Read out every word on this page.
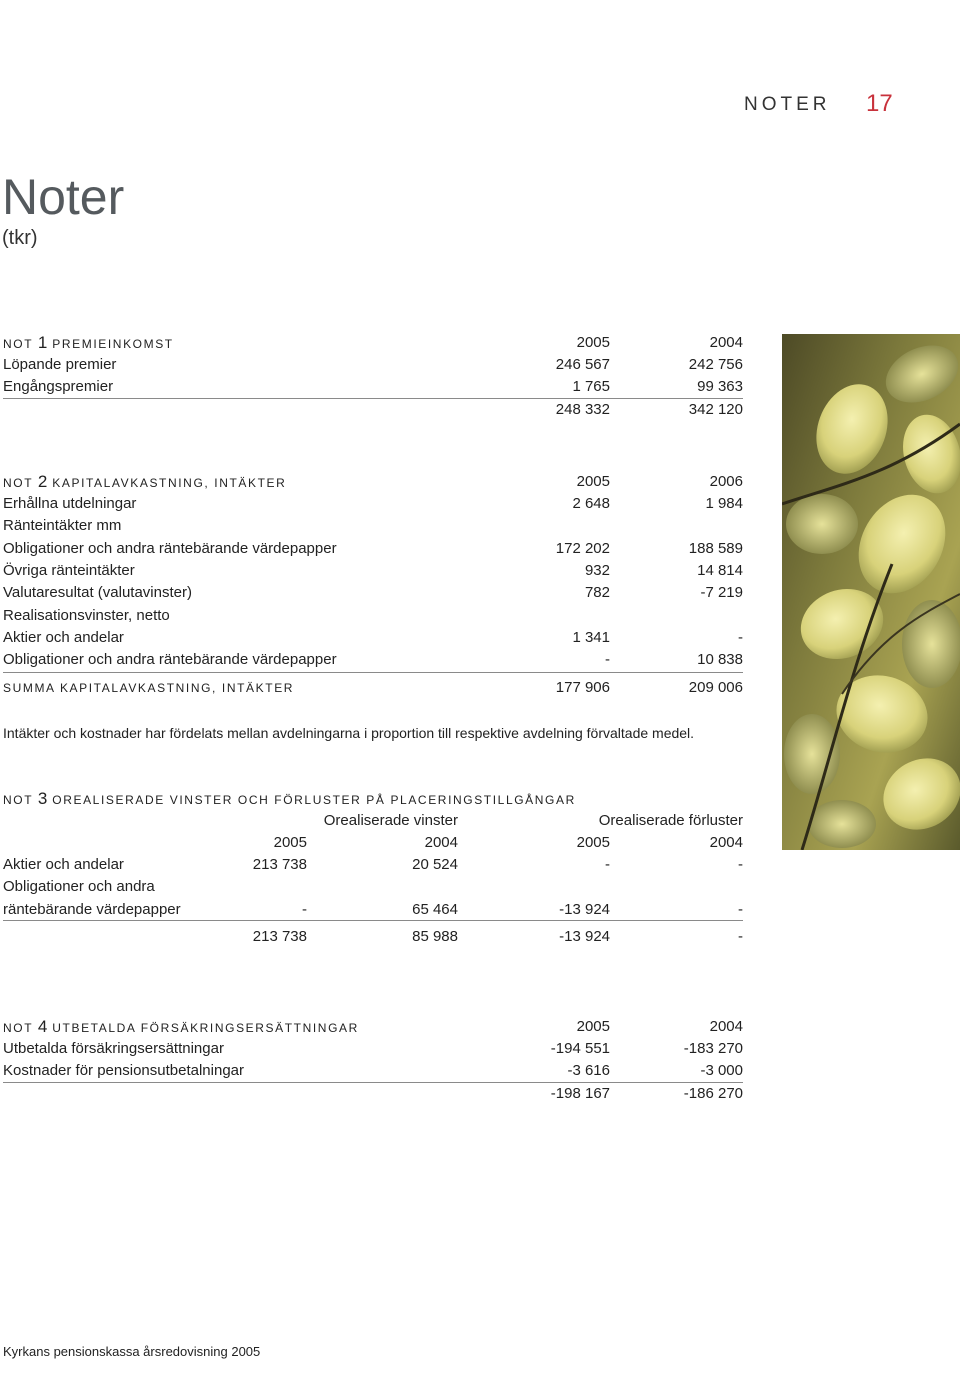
NOTER 17
Noter
(tkr)
NOT 1 PREMIEINKOMST	2005	2004
Löpande premier	246 567	242 756
Engångspremier	1 765	99 363
248 332	342 120
NOT 2 KAPITALAVKASTNING, INTÄKTER	2005	2006
Erhållna utdelningar	2 648	1 984
Ränteintäkter mm
Obligationer och andra räntebärande värdepapper	172 202	188 589
Övriga ränteintäkter	932	14 814
Valutaresultat (valutavinster)	782	-7 219
Realisationsvinster, netto
Aktier och andelar	1 341	-
Obligationer och andra räntebärande värdepapper	-	10 838
SUMMA KAPITALAVKASTNING, INTÄKTER	177 906	209 006
Intäkter och kostnader har fördelats mellan avdelningarna i proportion till respektive avdelning förvaltade medel.
NOT 3 OREALISERADE VINSTER OCH FÖRLUSTER PÅ PLACERINGSTILLGÅNGAR
Orealiserade vinster	Orealiserade förluster
2005	2004	2005	2004
Aktier och andelar	213 738	20 524	-	-
Obligationer och andra
räntebärande värdepapper	-	65 464	-13 924	-
213 738	85 988	-13 924	-
NOT 4 UTBETALDA FÖRSÄKRINGSERSÄTTNINGAR	2005	2004
Utbetalda försäkringsersättningar	-194 551	-183 270
Kostnader för pensionsutbetalningar	-3 616	-3 000
-198 167	-186 270
Kyrkans pensionskassa årsredovisning 2005
